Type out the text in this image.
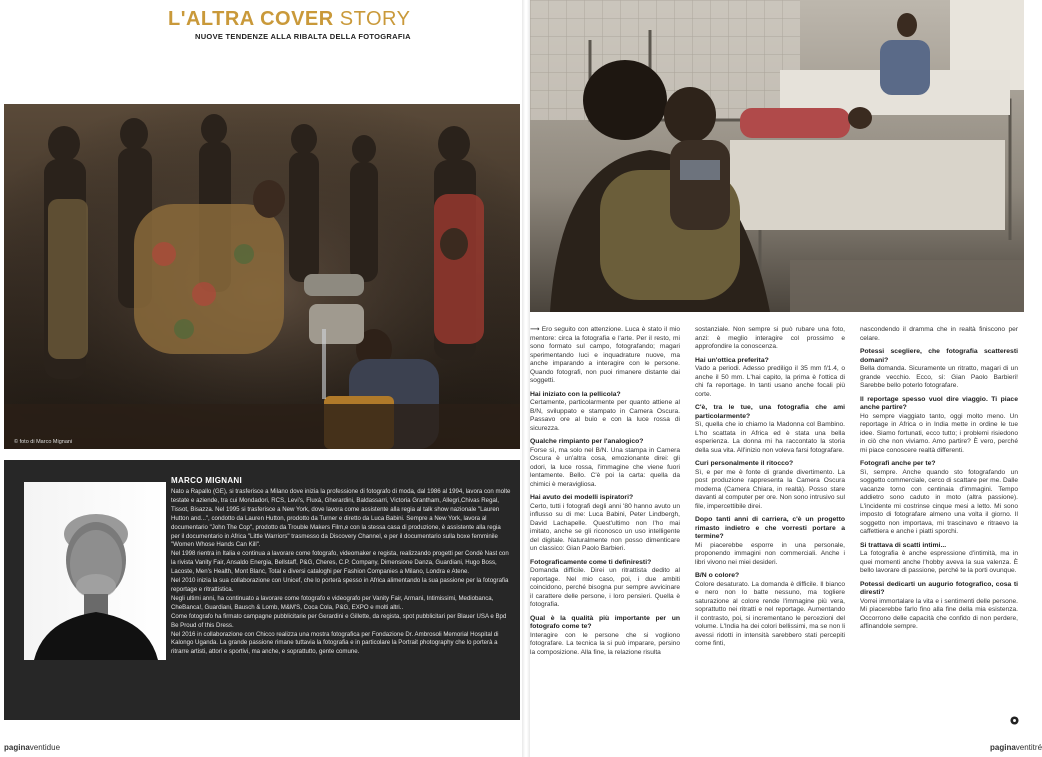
L'ALTRA COVER STORY
NUOVE TENDENZE ALLA RIBALTA DELLA FOTOGRAFIA
© foto di Marco Mignani
MARCO MIGNANI

Nato a Rapallo (GE), si trasferisce a Milano dove inizia la professione di fotografo di moda, dal 1986 al 1994, lavora con molte testate e aziende, tra cui Mondadori, RCS, Levi's, Fluxá, Gherardini, Baldassarri, Victoria Grantham, Allegri,Chivas Regal, Tissot, Bisazza. Nel 1995 si trasferisce a New York, dove lavora come assistente alla regia al talk show nazionale "Lauren Hutton and...", condotto da Lauren Hutton, prodotto da Turner e diretto da Luca Babini. Sempre a New York, lavora al documentario "John The Cop", prodotto da Trouble Makers Film,e con la stessa casa di produzione, è assistente alla regia per il documentario in Africa "Little Warriors" trasmesso da Discovery Channel, e per il documentario sulla boxe femminile "Women Whose Hands Can Kill".

Nel 1998 rientra in Italia e continua a lavorare come fotografo, videomaker e regista, realizzando progetti per Condè Nast con la rivista Vanity Fair, Ansaldo Energia, Bellstaff, P&G, Cheres, C.P. Company, Dimensione Danza, Guardiani, Hugo Boss, Lacoste, Men's Health, Mont Blanc, Total e diversi cataloghi per Fashion Companies a Milano, Londra e Atene.

Nel 2010 inizia la sua collaborazione con Unicef, che lo porterà spesso in Africa alimentando la sua passione per la fotografia reportage e ritrattistica.

Negli ultimi anni, ha continuato a lavorare come fotografo e videografo per Vanity Fair, Armani, Intimissimi, Mediobanca, CheBanca!, Guardiani, Bausch & Lomb, M&M'S, Coca Cola, P&G, EXPO e molti altri..

Come fotografo ha firmato campagne pubblicitarie per Gerardini e Gillette, da regista, spot pubblicitari per Blauer USA e Bpd Be Proud of this Dress.

Nel 2016 in collaborazione con Chicco realizza una mostra fotografica per Fondazione Dr. Ambrosoli Memorial Hospital di Kalongo Uganda. La grande passione rimane tuttavia la fotografia e in particolare la Portrait photography che lo porterà a ritrarre artisti, attori e sportivi, ma anche, e soprattutto, gente comune.

paginaventidue

⟶ Ero seguito con attenzione. Luca è stato il mio mentore: circa la fotografia e l'arte. Per il resto, mi sono formato sul campo, fotografando; magari sperimentando luci e inquadrature nuove, ma anche imparando a interagire con le persone. Quando fotografi, non puoi rimanere distante dai soggetti.

Hai iniziato con la pellicola?

Certamente, particolarmente per quanto attiene al B/N, sviluppato e stampato in Camera Oscura. Passavo ore al buio e con la luce rossa di sicurezza.

Qualche rimpianto per l'analogico?

Forse sì, ma solo nel B/N. Una stampa in Camera Oscura è un'altra cosa, emozionante direi: gli odori, la luce rossa, l'immagine che viene fuori lentamente. Bello. C'è poi la carta: quella da chimici è meravigliosa.

Hai avuto dei modelli ispiratori?

Certo, tutti i fotografi degli anni '80 hanno avuto un influsso su di me: Luca Babini, Peter Lindbergh, David Lachapelle. Quest'ultimo non l'ho mai imitato, anche se gli riconosco un uso intelligente del digitale. Naturalmente non posso dimenticare un classico: Gian Paolo Barbieri.

Fotograficamente come ti definiresti?

Domanda difficile. Direi un ritrattista dedito al reportage. Nel mio caso, poi, i due ambiti coincidono, perché bisogna pur sempre avvicinare il carattere delle persone, i loro pensieri. Quella è fotografia.

Qual è la qualità più importante per un fotografo come te?

Interagire con le persone che si vogliono fotografare. La tecnica la si può imparare, persino la composizione. Alla fine, la relazione risulta

sostanziale. Non sempre si può rubare una foto, anzi: è meglio interagire col prossimo e approfondire la conoscenza.

Hai un'ottica preferita?

Vado a periodi. Adesso prediligo il 35 mm f/1.4, o anche il 50 mm. L'hai capito, la prima è l'ottica di chi fa reportage. In tanti usano anche focali più corte.

C'è, tra le tue, una fotografia che ami particolarmente?

Sì, quella che io chiamo la Madonna col Bambino. L'ho scattata in Africa ed è stata una bella esperienza. La donna mi ha raccontato la storia della sua vita. All'inizio non voleva farsi fotografare.

Curi personalmente il ritocco?

Sì, e per me è fonte di grande divertimento. La post produzione rappresenta la Camera Oscura moderna (Camera Chiara, in realtà). Posso stare davanti al computer per ore. Non sono intrusivo sul file, impercettibile direi.

Dopo tanti anni di carriera, c'è un progetto rimasto indietro e che vorresti portare a termine?

Mi piacerebbe esporre in una personale, proponendo immagini non commerciali. Anche i libri vivono nei miei desideri.

B/N o colore?

Colore desaturato. La domanda è difficile. Il bianco e nero non lo batte nessuno, ma togliere saturazione al colore rende l'immagine più vera, soprattutto nei ritratti e nel reportage. Aumentando il contrasto, poi, si incrementano le percezioni del volume. L'India ha dei colori bellissimi, ma se non li avessi ridotti in intensità sarebbero stati percepiti come finti,

nascondendo il dramma che in realtà finiscono per celare.

Potessi scegliere, che fotografia scatteresti domani?

Bella domanda. Sicuramente un ritratto, magari di un grande vecchio. Ecco, sì: Gian Paolo Barbieri! Sarebbe bello poterlo fotografare.

Il reportage spesso vuol dire viaggio. Ti piace anche partire?

Ho sempre viaggiato tanto, oggi molto meno. Un reportage in Africa o in India mette in ordine le tue idee. Siamo fortunati, ecco tutto; i problemi risiedono in ciò che non viviamo. Amo partire? È vero, perché mi piace conoscere realtà differenti.

Fotografi anche per te?

Sì, sempre. Anche quando sto fotografando un soggetto commerciale, cerco di scattare per me. Dalle vacanze torno con centinaia d'immagini. Tempo addietro sono caduto in moto (altra passione). L'incidente mi costrinse cinque mesi a letto. Mi sono imposto di fotografare almeno una volta il giorno. Il soggetto non importava, mi trascinavo e ritraevo la caffettiera e anche i piatti sporchi.

Si trattava di scatti intimi...

La fotografia è anche espressione d'intimità, ma in quei momenti anche l'hobby aveva la sua valenza. È bello lavorare di passione, perché te la porti ovunque.

Potessi dedicarti un augurio fotografico, cosa ti diresti?

Vorrei immortalare la vita e i sentimenti delle persone. Mi piacerebbe farlo fino alla fine della mia esistenza. Occorrono delle capacità che confido di non perdere, affinandole sempre.

paginaventitré
